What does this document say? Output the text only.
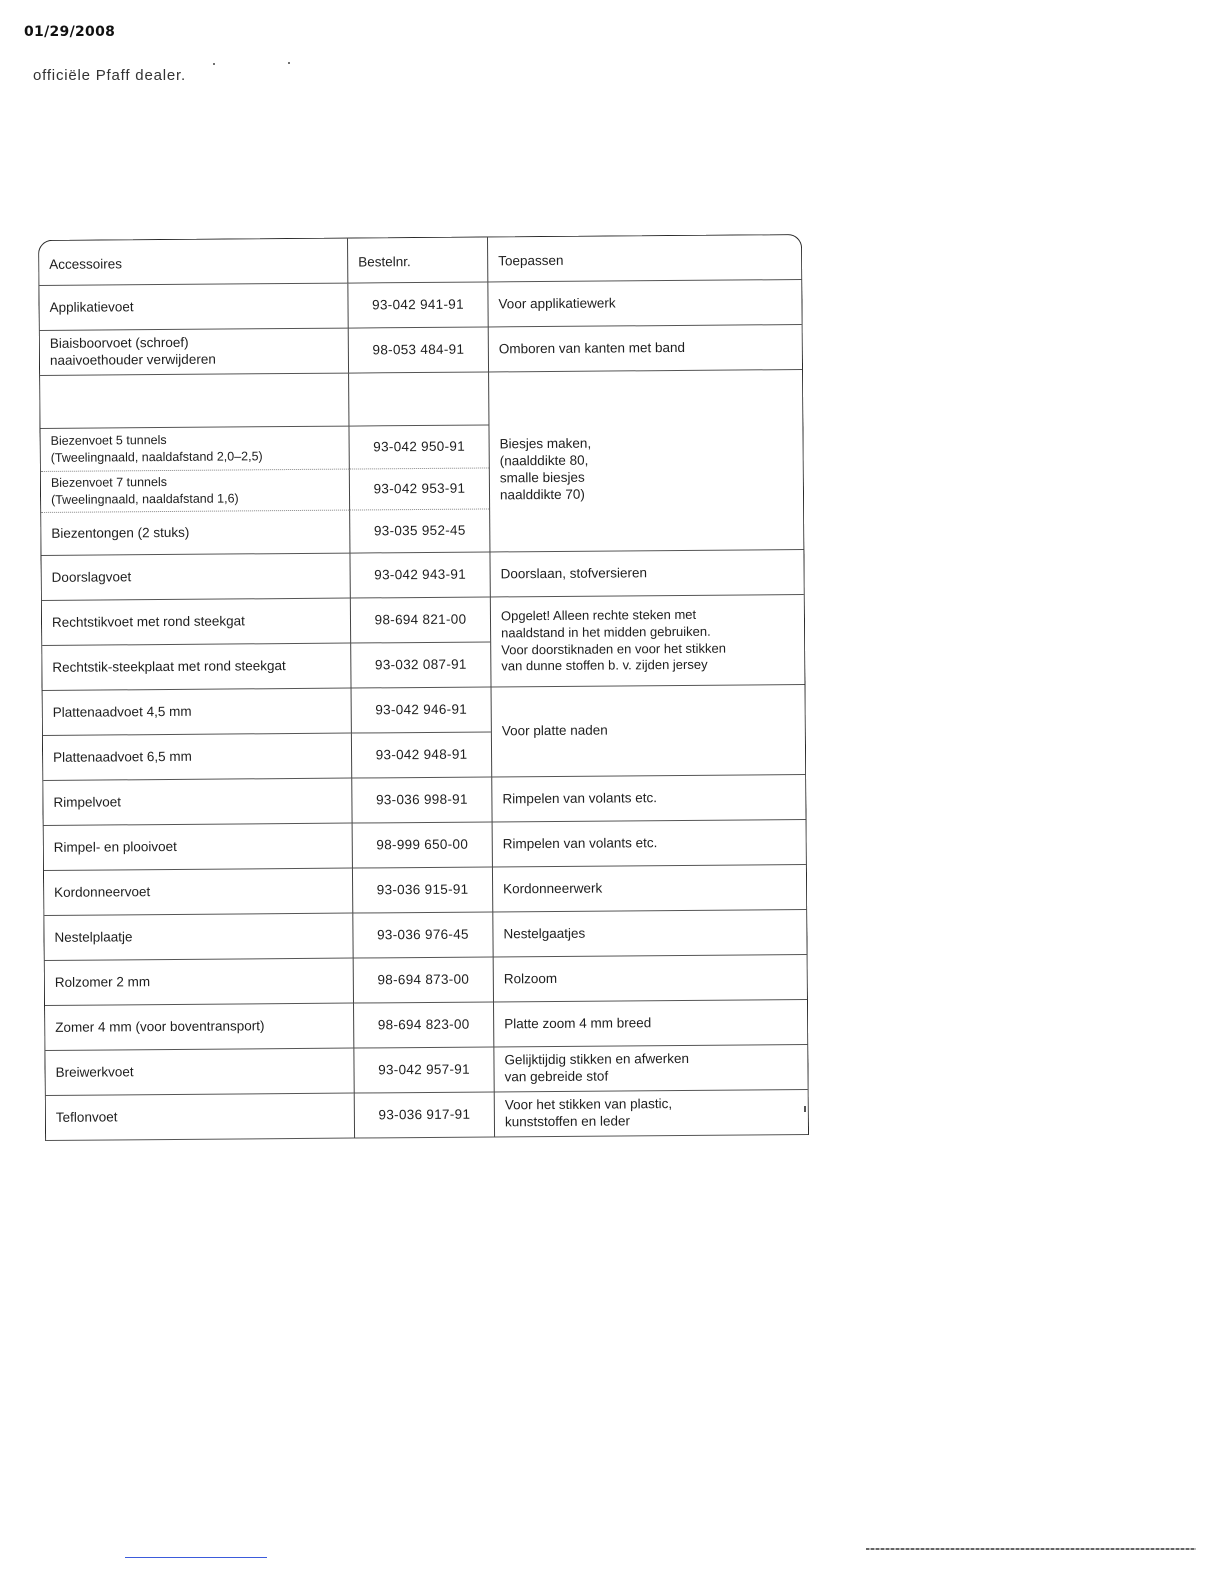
01/29/2008
officiële Pfaff dealer.
Accessoires	Bestelnr.	Toepassen
Applikatievoet	93-042 941-91	Voor applikatiewerk

Biaisboorvoet (schroef)
naaivoethouder verwijderen	98-053 484-91	Omboren van kanten met band

		Biesjes maken,
(naalddikte 80,
smalle biesjes
naalddikte 70)

Biezenvoet 5 tunnels
(Tweelingnaald, naaldafstand 2,0–2,5)	93-042 950-91	

Biezenvoet 7 tunnels
(Tweelingnaald, naaldafstand 1,6)	93-042 953-91	
Biezentongen (2 stuks)	93-035 952-45	
Doorslagvoet	93-042 943-91	Doorslaan, stofversieren
Rechtstikvoet met rond steekgat	98-694 821-00	Opgelet! Alleen rechte steken met
naaldstand in het midden gebruiken.
Voor doorstiknaden en voor het stikken
van dunne stoffen b. v. zijden jersey

Rechtstik-steekplaat met rond steekgat	93-032 087-91	
Plattenaadvoet 4,5 mm	93-042 946-91	Voor platte naden
Plattenaadvoet 6,5 mm	93-042 948-91	
Rimpelvoet	93-036 998-91	Rimpelen van volants etc.
Rimpel- en plooivoet	98-999 650-00	Rimpelen van volants etc.
Kordonneervoet	93-036 915-91	Kordonneerwerk
Nestelplaatje	93-036 976-45	Nestelgaatjes
Rolzomer 2 mm	98-694 873-00	Rolzoom
Zomer 4 mm (voor boventransport)	98-694 823-00	Platte zoom 4 mm breed
Breiwerkvoet	93-042 957-91	Gelijktijdig stikken en afwerken
van gebreide stof

Teflonvoet	93-036 917-91	Voor het stikken van plastic,
kunststoffen en leder
